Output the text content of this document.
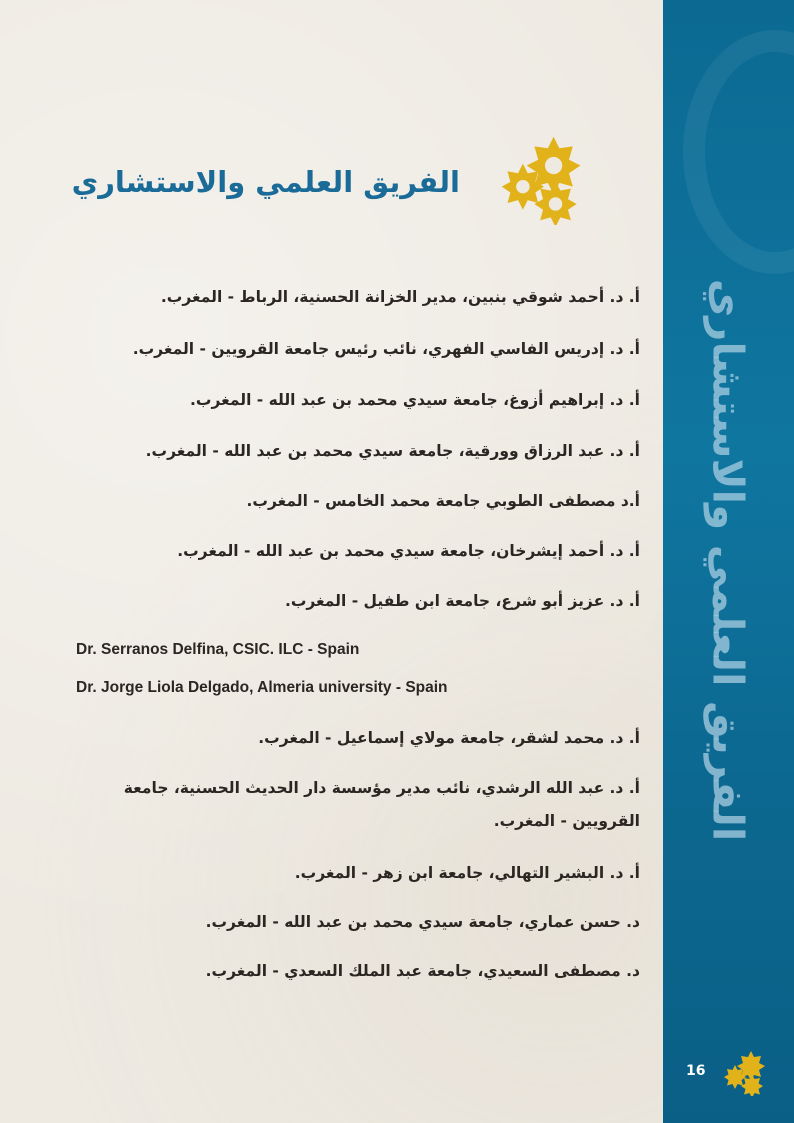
الفريق العلمي والاستشاري
16
الفريق العلمي والاستشاري
أ. د. أحمد شوقي بنبين، مدير الخزانة الحسنية، الرباط - المغرب.
أ. د. إدريس الفاسي الفهري، نائب رئيس جامعة القرويين - المغرب.
أ. د. إبراهيم أزوغ، جامعة سيدي محمد بن عبد الله - المغرب.
أ. د. عبد الرزاق وورقية، جامعة سيدي محمد بن عبد الله - المغرب.
أ.د مصطفى الطوبي جامعة محمد الخامس - المغرب.
أ. د. أحمد إيشرخان، جامعة سيدي محمد بن عبد الله - المغرب.
أ. د. عزيز أبو شرع، جامعة ابن طفيل - المغرب.
Dr. Serranos Delfina, CSIC. ILC - Spain
Dr. Jorge Liola Delgado, Almeria university - Spain
أ. د. محمد لشقر، جامعة مولاي إسماعيل - المغرب.
أ. د. عبد الله الرشدي، نائب مدير مؤسسة دار الحديث الحسنية، جامعة القرويين - المغرب.
أ. د. البشير التهالي، جامعة ابن زهر - المغرب.
د. حسن عماري، جامعة سيدي محمد بن عبد الله - المغرب.
د. مصطفى السعيدي، جامعة عبد الملك السعدي - المغرب.
